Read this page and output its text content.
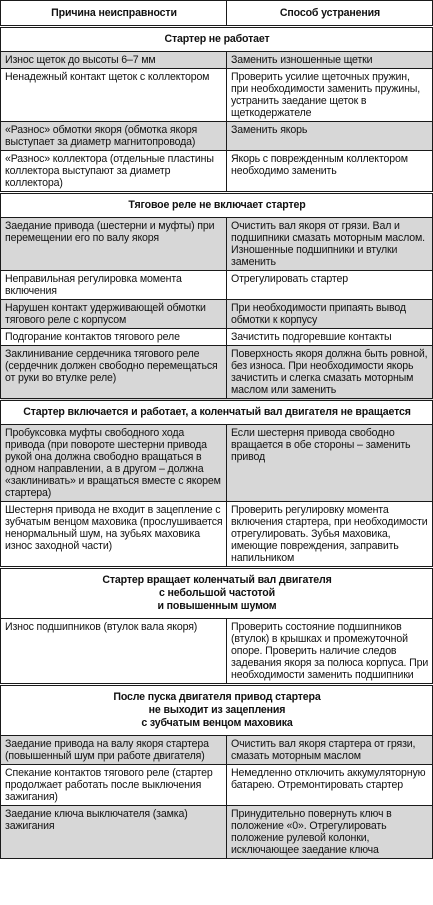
Причина неисправности	Способ устранения
Стартер не работает	
Износ щеток до высоты 6–7 мм	Заменить изношенные щетки
Ненадежный контакт щеток с коллектором	Проверить усилие щеточных пружин, при необходимости заменить пружины, устранить заедание щеток в щеткодержателе
«Разнос» обмотки якоря (обмотка якоря выступает за диаметр магнитопровода)	Заменить якорь
«Разнос» коллектора (отдельные пластины коллектора выступают за диаметр коллектора)	Якорь с поврежденным коллектором необходимо заменить
Тяговое реле не включает стартер	
Заедание привода (шестерни и муфты) при перемещении его по валу якоря	Очистить вал якоря от грязи. Вал и подшипники смазать моторным маслом. Изношенные подшипники и втулки заменить
Неправильная регулировка момента включения	Отрегулировать стартер
Нарушен контакт удерживающей обмотки тягового реле с корпусом	При необходимости припаять вывод обмотки к корпусу
Подгорание контактов тягового реле	Зачистить подгоревшие контакты
Заклинивание сердечника тягового реле (сердечник должен свободно перемещаться от руки во втулке реле)	Поверхность якоря должна быть ровной, без износа. При необходимости якорь зачистить и слегка смазать моторным маслом или заменить
Стартер включается и работает, а коленчатый вал двигателя не вращается	
Пробуксовка муфты свободного хода привода (при повороте шестерни привода рукой она должна свободно вращаться в одном направлении, а в другом – должна «заклинивать» и вращаться вместе с якорем стартера)	Если шестерня привода свободно вращается в обе стороны – заменить привод
Шестерня привода не входит в зацепление с зубчатым венцом маховика (прослушивается ненормальный шум, на зубьях маховика износ заходной части)	Проверить регулировку момента включения стартера, при необходимости отрегулировать. Зубья маховика, имеющие повреждения, заправить напильником
Стартер вращает коленчатый вал двигателя
с небольшой частотой
и повышенным шумом	
Износ подшипников (втулок вала якоря)	Проверить состояние подшипников (втулок) в крышках и промежуточной опоре. Проверить наличие следов задевания якоря за полюса корпуса. При необходимости заменить подшипники
После пуска двигателя привод стартера
не выходит из зацепления
с зубчатым венцом маховика	
Заедание привода на валу якоря стартера (повышенный шум при работе двигателя)	Очистить вал якоря стартера от грязи, смазать моторным маслом
Спекание контактов тягового реле (стартер продолжает работать после выключения зажигания)	Немедленно отключить аккумуляторную батарею. Отремонтировать стартер
Заедание ключа выключателя (замка) зажигания	Принудительно повернуть ключ в положение «0». Отрегулировать положение рулевой колонки, исключающее заедание ключа
